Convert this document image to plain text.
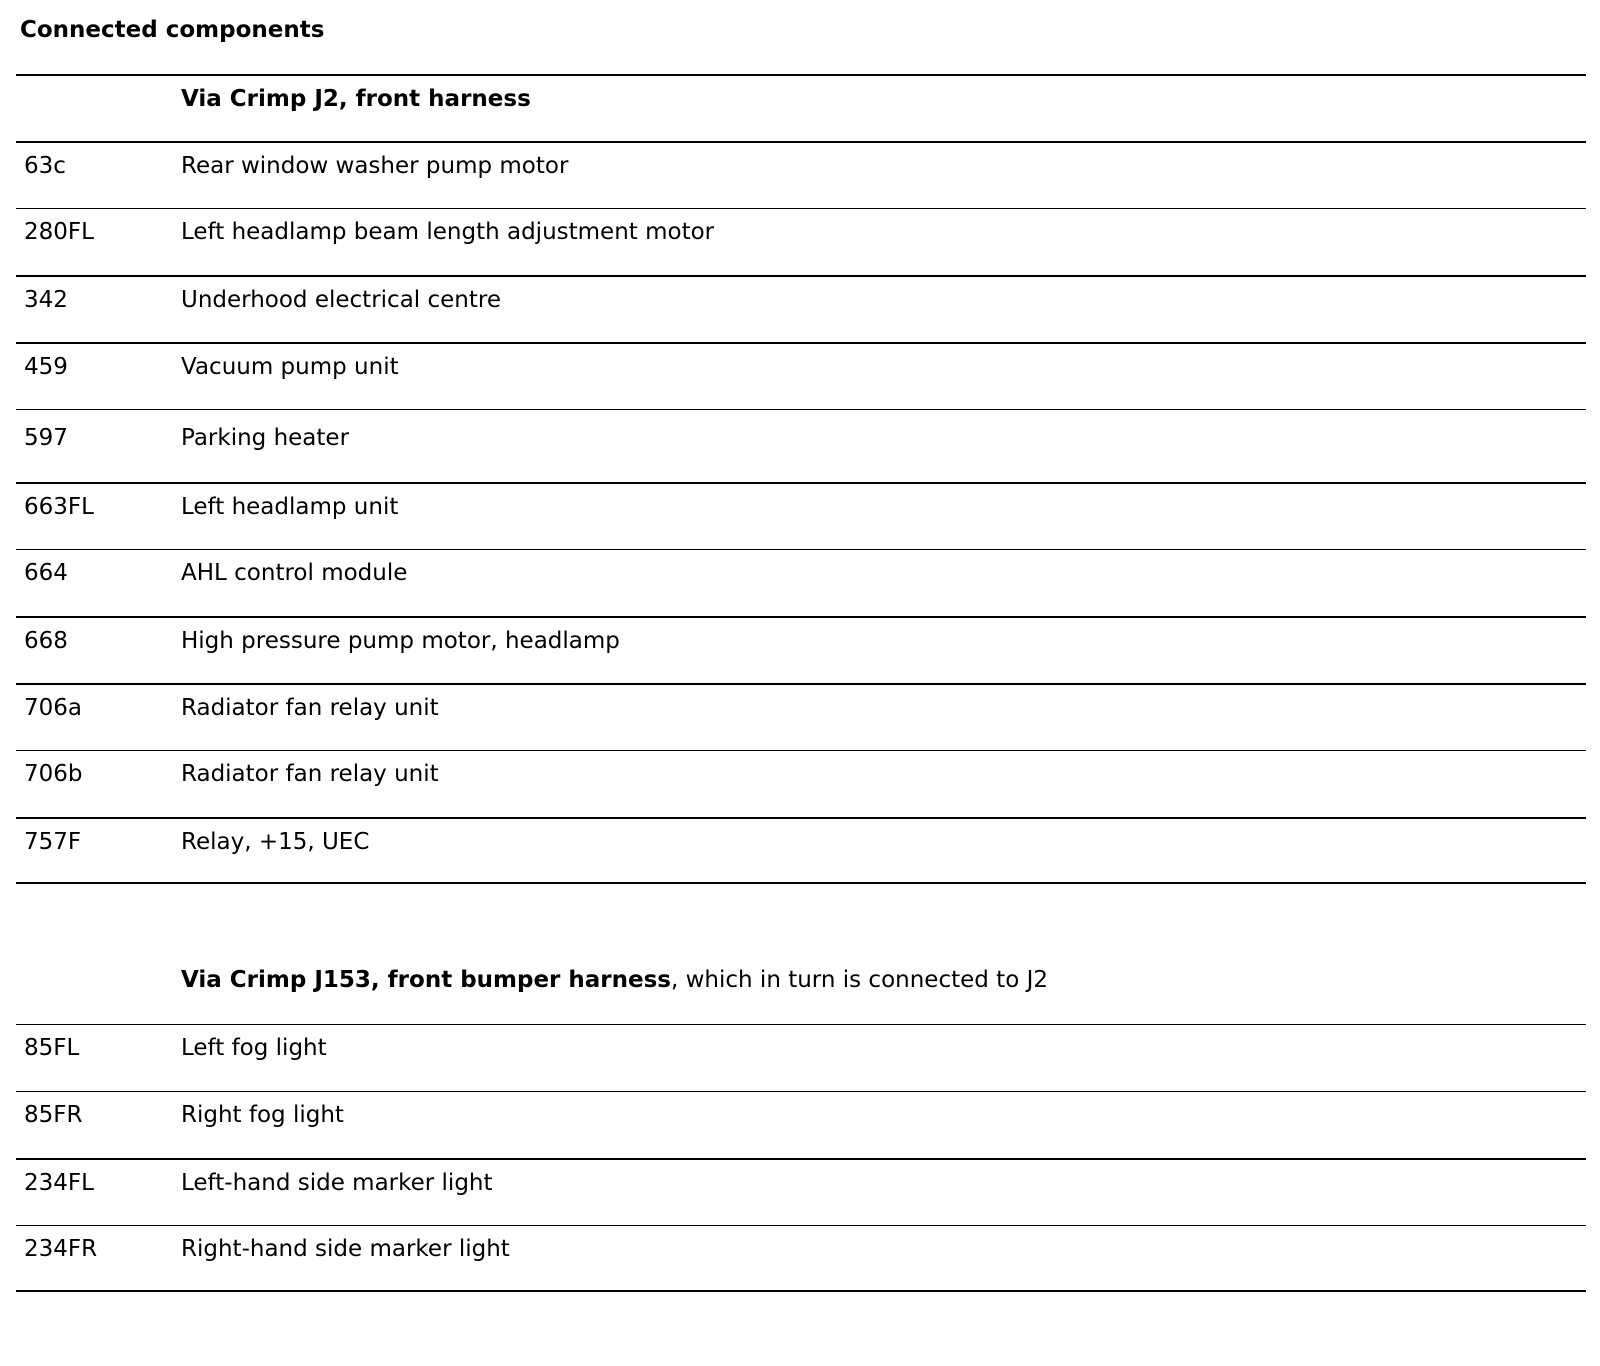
Connected components
Via Crimp J2, front harness
63c	Rear window washer pump motor
280FL	Left headlamp beam length adjustment motor
342	Underhood electrical centre
459	Vacuum pump unit
597	Parking heater
663FL	Left headlamp unit
664	AHL control module
668	High pressure pump motor, headlamp
706a	Radiator fan relay unit
706b	Radiator fan relay unit
757F	Relay, +15, UEC
Via Crimp J153, front bumper harness, which in turn is connected to J2
85FL	Left fog light
85FR	Right fog light
234FL	Left-hand side marker light
234FR	Right-hand side marker light
